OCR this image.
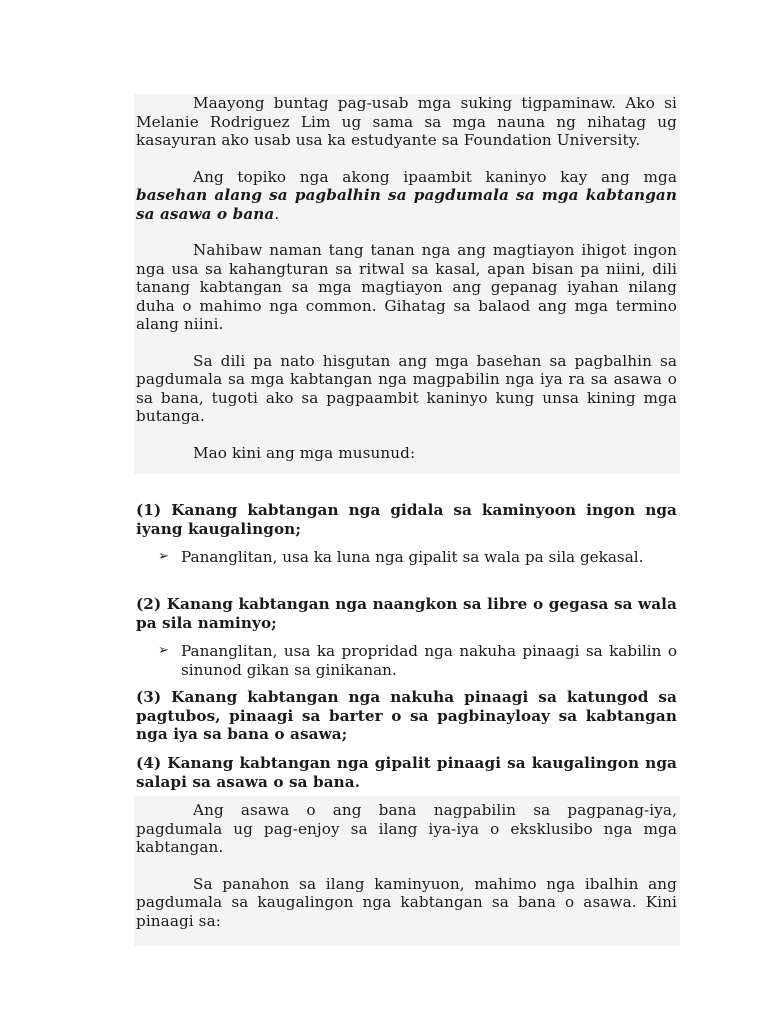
Maayong buntag pag-usab mga suking tigpaminaw. Ako si Melanie Rodriguez Lim ug sama sa mga nauna ng nihatag ug kasayuran ako usab usa ka estudyante sa Foundation University.

Ang topiko nga akong ipaambit kaninyo kay ang mga basehan alang sa pagbalhin sa pagdumala sa mga kabtangan sa asawa o bana.

Nahibaw naman tang tanan nga ang magtiayon ihigot ingon nga usa sa kahangturan sa ritwal sa kasal, apan bisan pa niini, dili tanang kabtangan sa mga magtiayon ang gepanag iyahan nilang duha o mahimo nga common. Gihatag sa balaod ang mga termino alang niini.

Sa dili pa nato hisgutan ang mga basehan sa pagbalhin sa pagdumala sa mga kabtangan nga magpabilin nga iya ra sa asawa o sa bana, tugoti ako sa pagpaambit kaninyo kung unsa kining mga butanga.

Mao kini ang mga musunud:

(1) Kanang kabtangan nga gidala sa kaminyoon ingon nga iyang kaugalingon;

➢ Pananglitan, usa ka luna nga gipalit sa wala pa sila gekasal.

(2) Kanang kabtangan nga naangkon sa libre o gegasa sa wala pa sila naminyo;

➢ Pananglitan, usa ka propridad nga nakuha pinaagi sa kabilin o sinunod gikan sa ginikanan.

(3) Kanang kabtangan nga nakuha pinaagi sa katungod sa pagtubos, pinaagi sa barter o sa pagbinayloay sa kabtangan nga iya sa bana o asawa;

(4) Kanang kabtangan nga gipalit pinaagi sa kaugalingon nga salapi sa asawa o sa bana.

Ang asawa o ang bana nagpabilin sa pagpanag-iya, pagdumala ug pag-enjoy sa ilang iya-iya o eksklusibo nga mga kabtangan.

Sa panahon sa ilang kaminyuon, mahimo nga ibalhin ang pagdumala sa kaugalingon nga kabtangan sa bana o asawa. Kini pinaagi sa:
